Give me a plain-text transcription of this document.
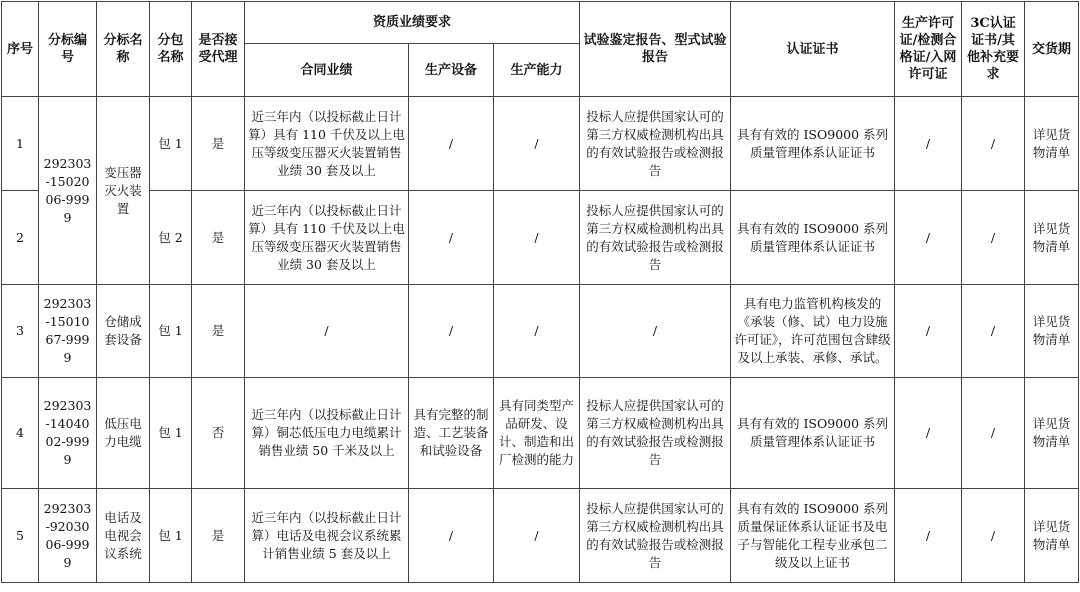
序号	分标编号	分标名称	分包名称	是否接受代理	资质业绩要求			试验鉴定报告、型式试验报告	认证证书	生产许可证/检测合格证/入网许可证	3C认证证书/其他补充要求	交货期
					合同业绩	生产设备	生产能力					
1	292303-1502006-9999	变压器灭火装置	包 1	是	近三年内（以投标截止日计算）具有 110 千伏及以上电压等级变压器灭火装置销售业绩 30 套及以上	/	/	投标人应提供国家认可的第三方权威检测机构出具的有效试验报告或检测报告	具有有效的 ISO9000 系列质量管理体系认证证书	/	/	详见货物清单
2			包 2	是	近三年内（以投标截止日计算）具有 110 千伏及以上电压等级变压器灭火装置销售业绩 30 套及以上	/	/	投标人应提供国家认可的第三方权威检测机构出具的有效试验报告或检测报告	具有有效的 ISO9000 系列质量管理体系认证证书	/	/	详见货物清单
3	292303-1501067-9999	仓储成套设备	包 1	是	/	/	/	/	具有电力监管机构核发的《承装（修、试）电力设施许可证》，许可范围包含肆级及以上承装、承修、承试。	/	/	详见货物清单
4	292303-1404002-9999	低压电力电缆	包 1	否	近三年内（以投标截止日计算）铜芯低压电力电缆累计销售业绩 50 千米及以上	具有完整的制造、工艺装备和试验设备	具有同类型产品研发、设计、制造和出厂检测的能力	投标人应提供国家认可的第三方权威检测机构出具的有效试验报告或检测报告	具有有效的 ISO9000 系列质量管理体系认证证书	/	/	详见货物清单
5	292303-9203006-9999	电话及电视会议系统	包 1	是	近三年内（以投标截止日计算）电话及电视会议系统累计销售业绩 5 套及以上	/	/	投标人应提供国家认可的第三方权威检测机构出具的有效试验报告或检测报告	具有有效的 ISO9000 系列质量保证体系认证证书及电子与智能化工程专业承包二级及以上证书	/	/	详见货物清单
